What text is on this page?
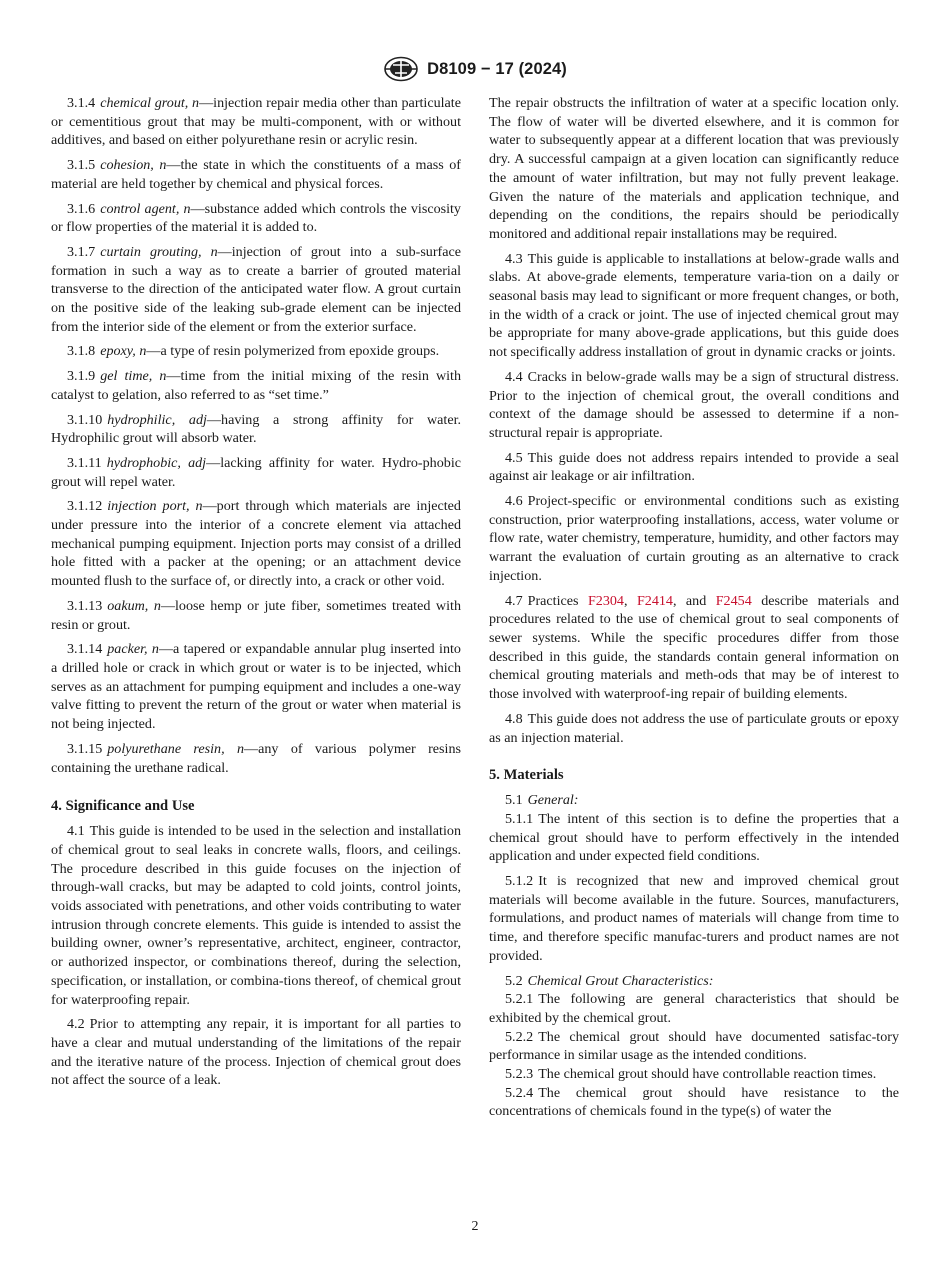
D8109 − 17 (2024)

3.1.4 chemical grout, n—injection repair media other than particulate or cementitious grout that may be multi-component, with or without additives, and based on either polyurethane resin or acrylic resin.

3.1.5 cohesion, n—the state in which the constituents of a mass of material are held together by chemical and physical forces.

3.1.6 control agent, n—substance added which controls the viscosity or flow properties of the material it is added to.

3.1.7 curtain grouting, n—injection of grout into a sub-surface formation in such a way as to create a barrier of grouted material transverse to the direction of the anticipated water flow. A grout curtain on the positive side of the leaking sub-grade element can be injected from the interior side of the element or from the exterior surface.

3.1.8 epoxy, n—a type of resin polymerized from epoxide groups.

3.1.9 gel time, n—time from the initial mixing of the resin with catalyst to gelation, also referred to as “set time.”

3.1.10 hydrophilic, adj—having a strong affinity for water. Hydrophilic grout will absorb water.

3.1.11 hydrophobic, adj—lacking affinity for water. Hydro-phobic grout will repel water.

3.1.12 injection port, n—port through which materials are injected under pressure into the interior of a concrete element via attached mechanical pumping equipment. Injection ports may consist of a drilled hole fitted with a packer at the opening; or an attachment device mounted flush to the surface of, or directly into, a crack or other void.

3.1.13 oakum, n—loose hemp or jute fiber, sometimes treated with resin or grout.

3.1.14 packer, n—a tapered or expandable annular plug inserted into a drilled hole or crack in which grout or water is to be injected, which serves as an attachment for pumping equipment and includes a one-way valve fitting to prevent the return of the grout or water when material is not being injected.

3.1.15 polyurethane resin, n—any of various polymer resins containing the urethane radical.

4. Significance and Use

4.1 This guide is intended to be used in the selection and installation of chemical grout to seal leaks in concrete walls, floors, and ceilings. The procedure described in this guide focuses on the injection of through-wall cracks, but may be adapted to cold joints, control joints, voids associated with penetrations, and other voids contributing to water intrusion through concrete elements. This guide is intended to assist the building owner, owner’s representative, architect, engineer, contractor, or authorized inspector, or combinations thereof, during the selection, specification, or installation, or combina-tions thereof, of chemical grout for waterproofing repair.

4.2 Prior to attempting any repair, it is important for all parties to have a clear and mutual understanding of the limitations of the repair and the iterative nature of the process. Injection of chemical grout does not affect the source of a leak.

The repair obstructs the infiltration of water at a specific location only. The flow of water will be diverted elsewhere, and it is common for water to subsequently appear at a different location that was previously dry. A successful campaign at a given location can significantly reduce the amount of water infiltration, but may not fully prevent leakage. Given the nature of the materials and application technique, and depending on the conditions, the repairs should be periodically monitored and additional repair installations may be required.

4.3 This guide is applicable to installations at below-grade walls and slabs. At above-grade elements, temperature varia-tion on a daily or seasonal basis may lead to significant or more frequent changes, or both, in the width of a crack or joint. The use of injected chemical grout may be appropriate for many above-grade applications, but this guide does not specifically address installation of grout in dynamic cracks or joints.

4.4 Cracks in below-grade walls may be a sign of structural distress. Prior to the injection of chemical grout, the overall conditions and context of the damage should be assessed to determine if a non-structural repair is appropriate.

4.5 This guide does not address repairs intended to provide a seal against air leakage or air infiltration.

4.6 Project-specific or environmental conditions such as existing construction, prior waterproofing installations, access, water volume or flow rate, water chemistry, temperature, humidity, and other factors may warrant the evaluation of curtain grouting as an alternative to crack injection.

4.7 Practices F2304, F2414, and F2454 describe materials and procedures related to the use of chemical grout to seal components of sewer systems. While the specific procedures differ from those described in this guide, the standards contain general information on chemical grouting materials and meth-ods that may be of interest to those involved with waterproof-ing repair of building elements.

4.8 This guide does not address the use of particulate grouts or epoxy as an injection material.

5. Materials

5.1 General:

5.1.1 The intent of this section is to define the properties that a chemical grout should have to perform effectively in the intended application and under expected field conditions.

5.1.2 It is recognized that new and improved chemical grout materials will become available in the future. Sources, manufacturers, formulations, and product names of materials will change from time to time, and therefore specific manufac-turers and product names are not provided.

5.2 Chemical Grout Characteristics:

5.2.1 The following are general characteristics that should be exhibited by the chemical grout.

5.2.2 The chemical grout should have documented satisfac-tory performance in similar usage as the intended conditions.

5.2.3 The chemical grout should have controllable reaction times.

5.2.4 The chemical grout should have resistance to the concentrations of chemicals found in the type(s) of water the

2
